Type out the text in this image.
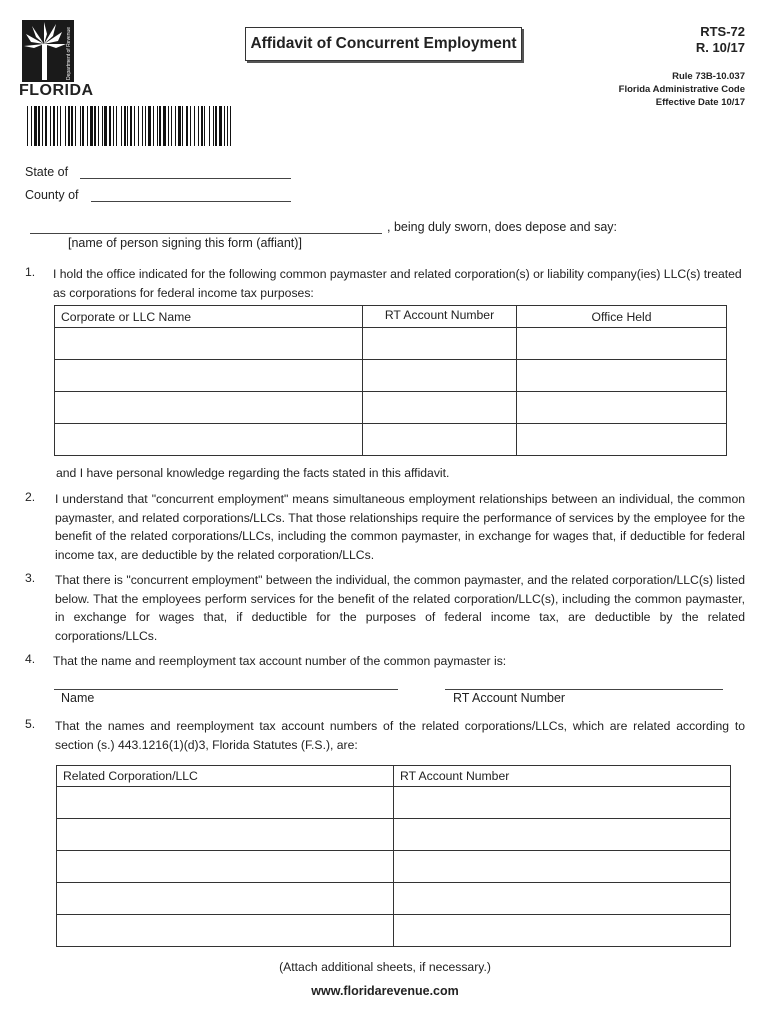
Department of Revenue
FLORIDA
Affidavit of Concurrent Employment
RTS-72
R. 10/17
Rule 73B-10.037
Florida Administrative Code
Effective Date 10/17
State of
County of
, being duly sworn, does depose and say:
[name of person signing this form (affiant)]
1. I hold the office indicated for the following common paymaster and related corporation(s) or liability company(ies) LLC(s) treated as corporations for federal income tax purposes:
Corporate or LLC Name	RT Account Number	Office Held

and I have personal knowledge regarding the facts stated in this affidavit.
2. I understand that "concurrent employment" means simultaneous employment relationships between an individual, the common paymaster, and related corporations/LLCs. That those relationships require the performance of services by the employee for the benefit of the related corporations/LLCs, including the common paymaster, in exchange for wages that, if deductible for federal income tax, are deductible by the related corporation/LLCs.
3. That there is "concurrent employment" between the individual, the common paymaster, and the related corporation/LLC(s) listed below. That the employees perform services for the benefit of the related corporation/LLC(s), including the common paymaster, in exchange for wages that, if deductible for the purposes of federal income tax, are deductible by the related corporations/LLCs.
4. That the name and reemployment tax account number of the common paymaster is:
Name	RT Account Number
5. That the names and reemployment tax account numbers of the related corporations/LLCs, which are related according to section (s.) 443.1216(1)(d)3, Florida Statutes (F.S.), are:
Related Corporation/LLC	RT Account Number

(Attach additional sheets, if necessary.)
www.floridarevenue.com
